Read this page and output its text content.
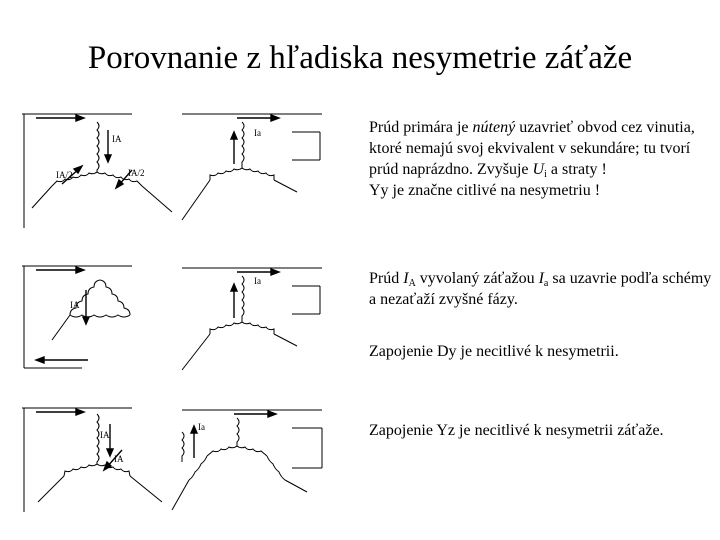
Porovnanie z hľadiska nesymetrie záťaže
IA
IA/2	IA/2
Ia
IA
Ia
IA
IA
Ia
Prúd primára je nútený uzavrieť obvod cez vinutia, ktoré nemajú svoj ekvivalent v sekundáre; tu tvorí prúd naprázdno. Zvyšuje $U_i$ a straty !
Yy je značne citlivé na nesymetriu !
Prúd $I_A$ vyvolaný záťažou $I_a$ sa uzavrie podľa schémy a nezaťaží zvyšné fázy.
Zapojenie Dy je necitlivé k nesymetrii.
Zapojenie Yz je necitlivé k nesymetrii záťaže.
